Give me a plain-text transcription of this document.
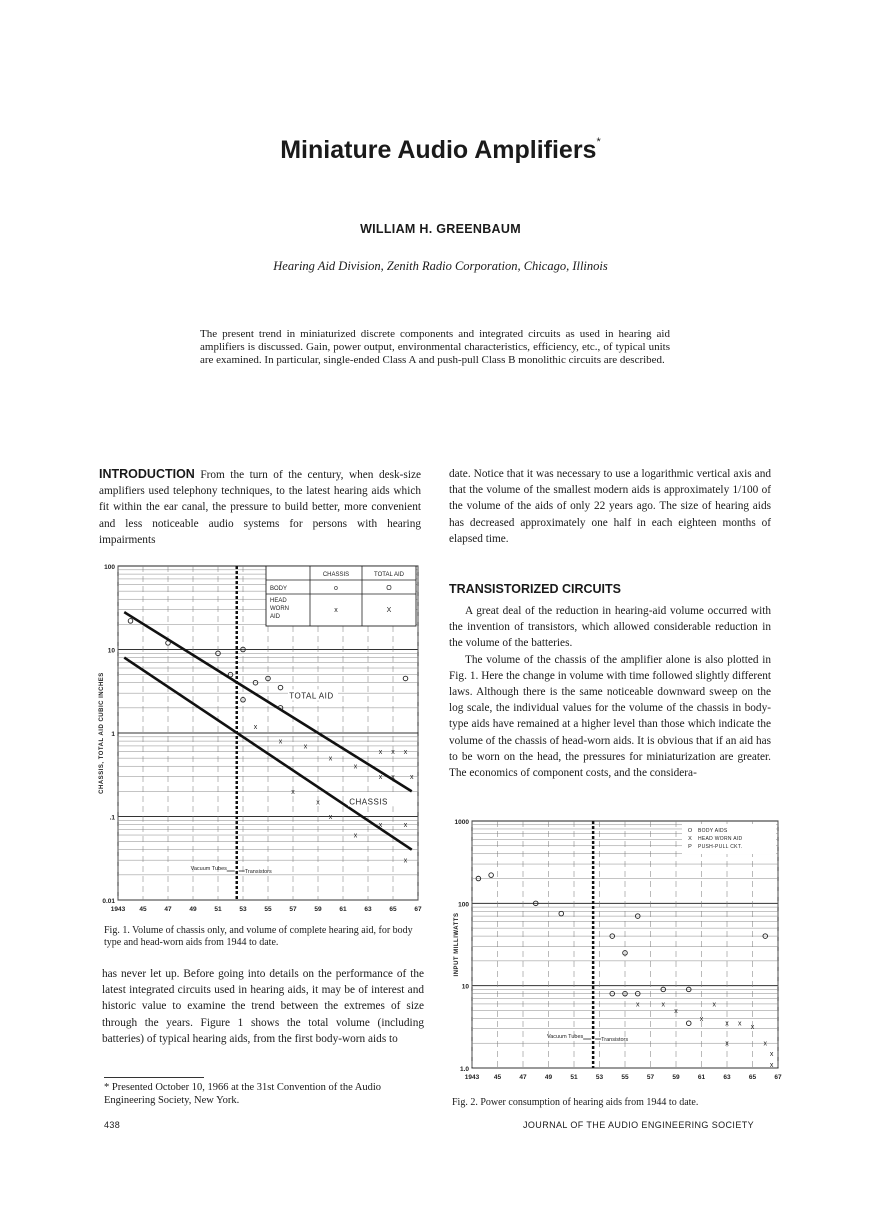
Miniature Audio Amplifiers*
WILLIAM H. GREENBAUM
Hearing Aid Division, Zenith Radio Corporation, Chicago, Illinois
The present trend in miniaturized discrete components and integrated circuits as used in hearing aid amplifiers is discussed. Gain, power output, environmental characteristics, efficiency, etc., of typical units are examined. In particular, single-ended Class A and push-pull Class B monolithic circuits are described.
INTRODUCTION From the turn of the century, when desk-size amplifiers used telephony techniques, to the latest hearing aids which fit within the ear canal, the pressure to build better, more convenient and less noticeable audio systems for persons with hearing impairments
1943 45	47	49	51	53	55	57	59	61	63	65	67
100
10
1
.1
0.01
CHASSIS, TOTAL AID CUBIC INCHES
Vacuum Tubes	Transistors
x
x
x
x
x
x x x
x x x
x
x
x
x	x
x
x
CHASSIS	TOTAL AID
BODY	o	O
HEAD
WORN
AID
x	X
TOTAL AID
CHASSIS
Fig. 1. Volume of chassis only, and volume of complete hearing aid, for body type and head-worn aids from 1944 to date.
has never let up. Before going into details on the performance of the latest integrated circuits used in hearing aids, it may be of interest and historic value to examine the trend between the extremes of size through the years. Figure 1 shows the total volume (including batteries) of typical hearing aids, from the first body-worn aids to
* Presented October 10, 1966 at the 31st Convention of the Audio Engineering Society, New York.
438
date. Notice that it was necessary to use a logarithmic vertical axis and that the volume of the smallest modern aids is approximately 1/100 of the volume of the aids of only 22 years ago. The size of hearing aids has decreased approximately one half in each eighteen months of elapsed time.
TRANSISTORIZED CIRCUITS

A great deal of the reduction in hearing-aid volume occurred with the invention of transistors, which allowed considerable reduction in the volume of the batteries.

The volume of the chassis of the amplifier alone is also plotted in Fig. 1. Here the change in volume with time followed slightly different laws. Although there is the same noticeable downward sweep on the log scale, the individual values for the volume of the chassis in body-type aids have remained at a higher level than those which indicate the volume of the chassis of head-worn aids. It is obvious that if an aid has to be worn on the head, the pressures for miniaturization are greater. The economics of component costs, and the considera-

1943 45	47	49	51	53	55	57	59	61	63	65	67
1000
100
10
1.0
INPUT MILLIWATTS
Vacuum Tubes	Transistors
x	x
x
x
x x x
x	x
x
x
x
O BODY AIDS
X HEAD WORN AID
P PUSH-PULL CKT.
Fig. 2. Power consumption of hearing aids from 1944 to date.
JOURNAL OF THE AUDIO ENGINEERING SOCIETY
